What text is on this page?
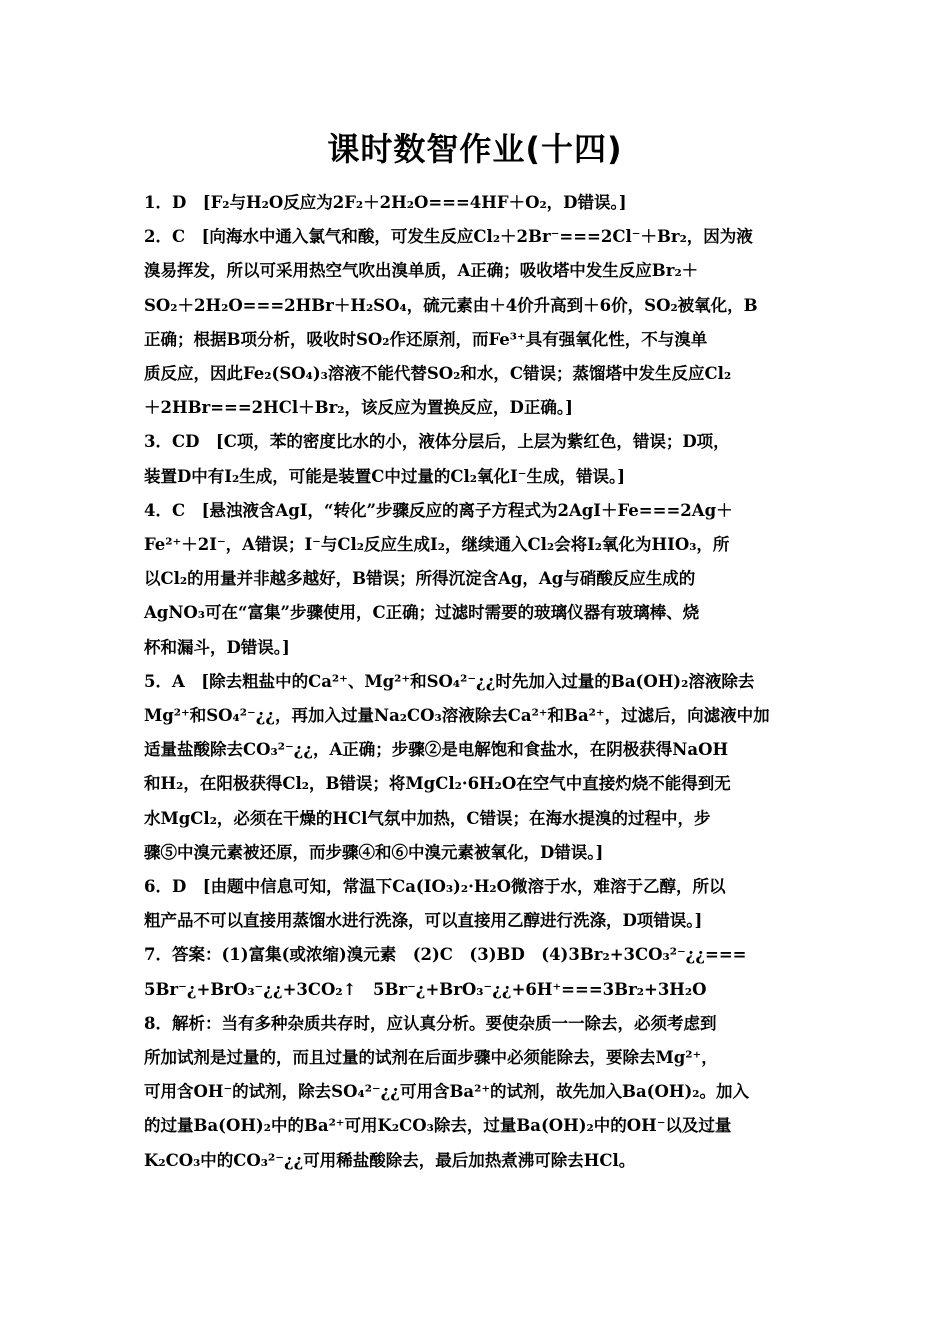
课时数智作业(十四)
1．D　[F₂与H₂O反应为2F₂＋2H₂O===4HF＋O₂，D错误。]
2．C　[向海水中通入氯气和酸，可发生反应Cl₂＋2Br⁻===2Cl⁻＋Br₂，因为液
溴易挥发，所以可采用热空气吹出溴单质，A正确；吸收塔中发生反应Br₂＋
SO₂＋2H₂O===2HBr＋H₂SO₄，硫元素由＋4价升高到＋6价，SO₂被氧化，B
正确；根据B项分析，吸收时SO₂作还原剂，而Fe³⁺具有强氧化性，不与溴单
质反应，因此Fe₂(SO₄)₃溶液不能代替SO₂和水，C错误；蒸馏塔中发生反应Cl₂
＋2HBr===2HCl＋Br₂，该反应为置换反应，D正确。]
3．CD　[C项，苯的密度比水的小，液体分层后，上层为紫红色，错误；D项，
装置D中有I₂生成，可能是装置C中过量的Cl₂氧化I⁻生成，错误。]
4．C　[悬浊液含AgI，“转化”步骤反应的离子方程式为2AgI＋Fe===2Ag＋
Fe²⁺＋2I⁻，A错误；I⁻与Cl₂反应生成I₂，继续通入Cl₂会将I₂氧化为HIO₃，所
以Cl₂的用量并非越多越好，B错误；所得沉淀含Ag，Ag与硝酸反应生成的
AgNO₃可在“富集”步骤使用，C正确；过滤时需要的玻璃仪器有玻璃棒、烧
杯和漏斗，D错误。]
5．A　[除去粗盐中的Ca²⁺、Mg²⁺和SO₄²⁻¿¿时先加入过量的Ba(OH)₂溶液除去
Mg²⁺和SO₄²⁻¿¿，再加入过量Na₂CO₃溶液除去Ca²⁺和Ba²⁺，过滤后，向滤液中加
适量盐酸除去CO₃²⁻¿¿，A正确；步骤②是电解饱和食盐水，在阴极获得NaOH
和H₂，在阳极获得Cl₂，B错误；将MgCl₂·6H₂O在空气中直接灼烧不能得到无
水MgCl₂，必须在干燥的HCl气氛中加热，C错误；在海水提溴的过程中，步
骤⑤中溴元素被还原，而步骤④和⑥中溴元素被氧化，D错误。]
6．D　[由题中信息可知，常温下Ca(IO₃)₂·H₂O微溶于水，难溶于乙醇，所以
粗产品不可以直接用蒸馏水进行洗涤，可以直接用乙醇进行洗涤，D项错误。]
7．答案：(1)富集(或浓缩)溴元素　(2)C　(3)BD　(4)3Br₂+3CO₃²⁻¿¿===
5Br⁻¿+BrO₃⁻¿¿+3CO₂↑　5Br⁻¿+BrO₃⁻¿¿+6H⁺===3Br₂+3H₂O
8．解析：当有多种杂质共存时，应认真分析。要使杂质一一除去，必须考虑到
所加试剂是过量的，而且过量的试剂在后面步骤中必须能除去，要除去Mg²⁺，
可用含OH⁻的试剂，除去SO₄²⁻¿¿可用含Ba²⁺的试剂，故先加入Ba(OH)₂。加入
的过量Ba(OH)₂中的Ba²⁺可用K₂CO₃除去，过量Ba(OH)₂中的OH⁻以及过量
K₂CO₃中的CO₃²⁻¿¿可用稀盐酸除去，最后加热煮沸可除去HCl。
